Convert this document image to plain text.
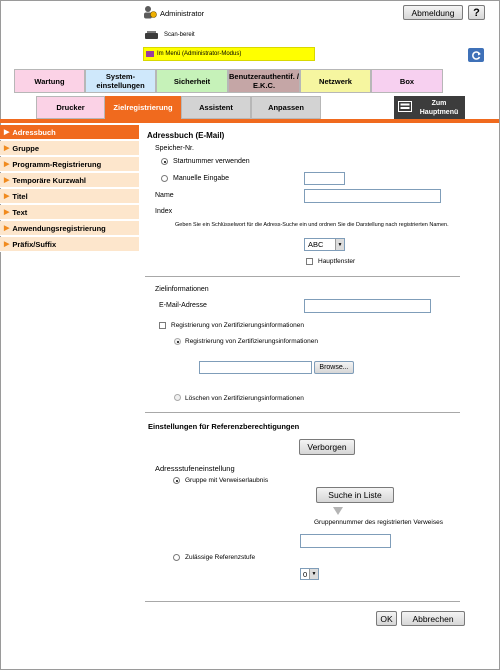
Administrator	Abmeldung	?
Scan-bereit
Im Menü (Administrator-Modus)
Wartung	System-
einstellungen	Sicherheit	Benutzerauthentif. /
E.K.C.	Netzwerk	Box
Drucker	Zielregistrierung	Assistent	Anpassen	Zum
Hauptmenü
▶ Adressbuch
▶ Gruppe
▶ Programm-Registrierung
▶ Temporäre Kurzwahl
▶ Titel
▶ Text
▶ Anwendungsregistrierung
▶ Präfix/Suffix
Adressbuch (E-Mail)
Speicher-Nr.
Startnummer verwenden
Manuelle Eingabe
Name
Index
Geben Sie ein Schlüsselwort für die Adress-Suche ein und ordnen Sie die Darstellung nach registrierten Namen.
ABC	▼
Hauptfenster
Zielinformationen
E-Mail-Adresse
Registrierung von Zertifizierungsinformationen
Registrierung von Zertifizierungsinformationen
Browse...
Löschen von Zertifizierungsinformationen
Einstellungen für Referenzberechtigungen
Verborgen
Adressstufeneinstellung
Gruppe mit Verweiserlaubnis
Suche in Liste
Gruppennummer des registrierten Verweises
Zulässige Referenzstufe
0 ▼
OK	Abbrechen
